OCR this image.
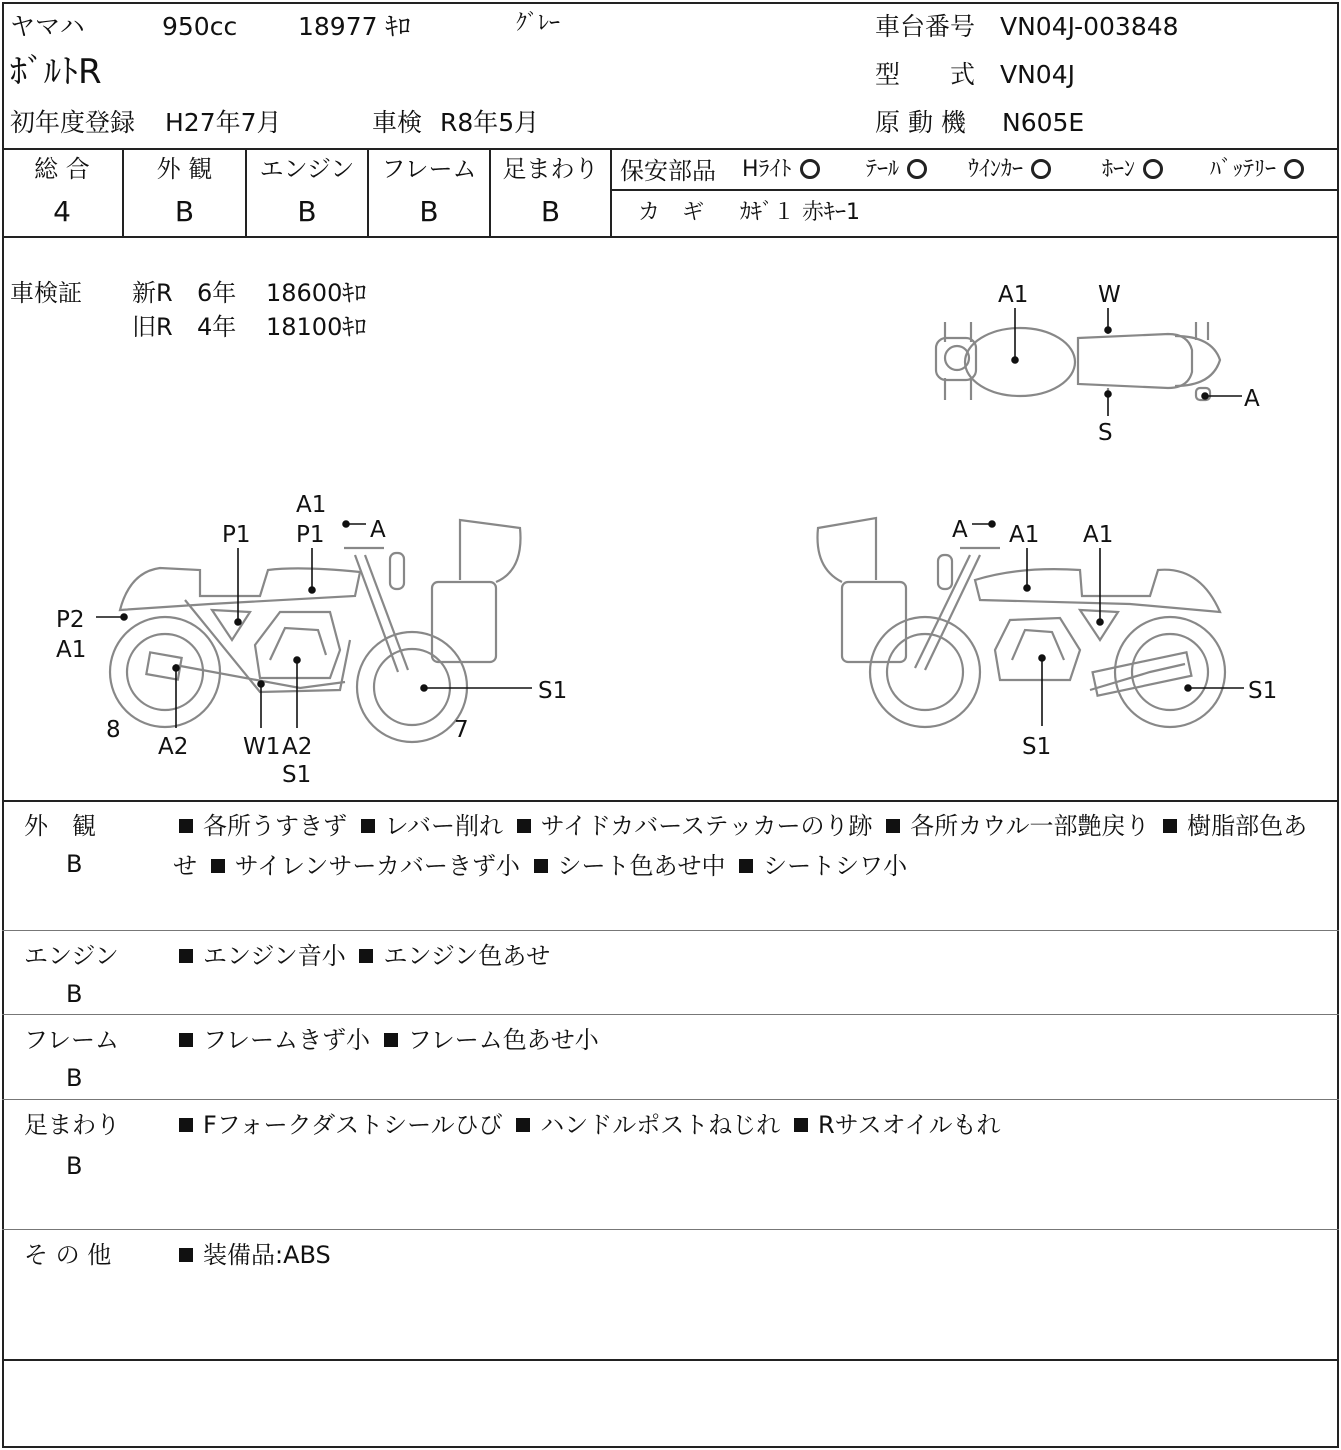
ヤマハ	950cc 18977 ｷﾛ	ｸﾞﾚｰ
ﾎﾞﾙﾄR
初年度登録 H27年7月	車検 R8年5月
車台番号 VN04J-003848
型　　式 VN04J
原 動 機 N605E
総 合	外 観	エンジン	フレーム	足まわり
4	B	B	B	B
保安部品 Hﾗｲﾄ	ﾃｰﾙ	ｳｲﾝｶｰ	ﾎｰﾝ	ﾊﾞｯﾃﾘｰ
カ　ギ ｶｷﾞ１ 赤ｷｰ1
車検証 新R 6年 18600ｷﾛ
旧R 4年 18100ｷﾛ
A1	W
A
S
A1
P1 P1 A
P2
A1
S1
7
8
A2 W1 A2
S1
A A1 A1
S1
S1
外　観
B
各所うすきず レバー削れ サイドカバーステッカーのり跡 各所カウル一部艶戻り 樹脂部色あせ サイレンサーカバーきず小 シート色あせ中 シートシワ小
エンジン
B
エンジン音小 エンジン色あせ
フレーム
B
フレームきず小 フレーム色あせ小
足まわり
B
Fフォークダストシールひび ハンドルポストねじれ Rサスオイルもれ
そ の 他	装備品:ABS
